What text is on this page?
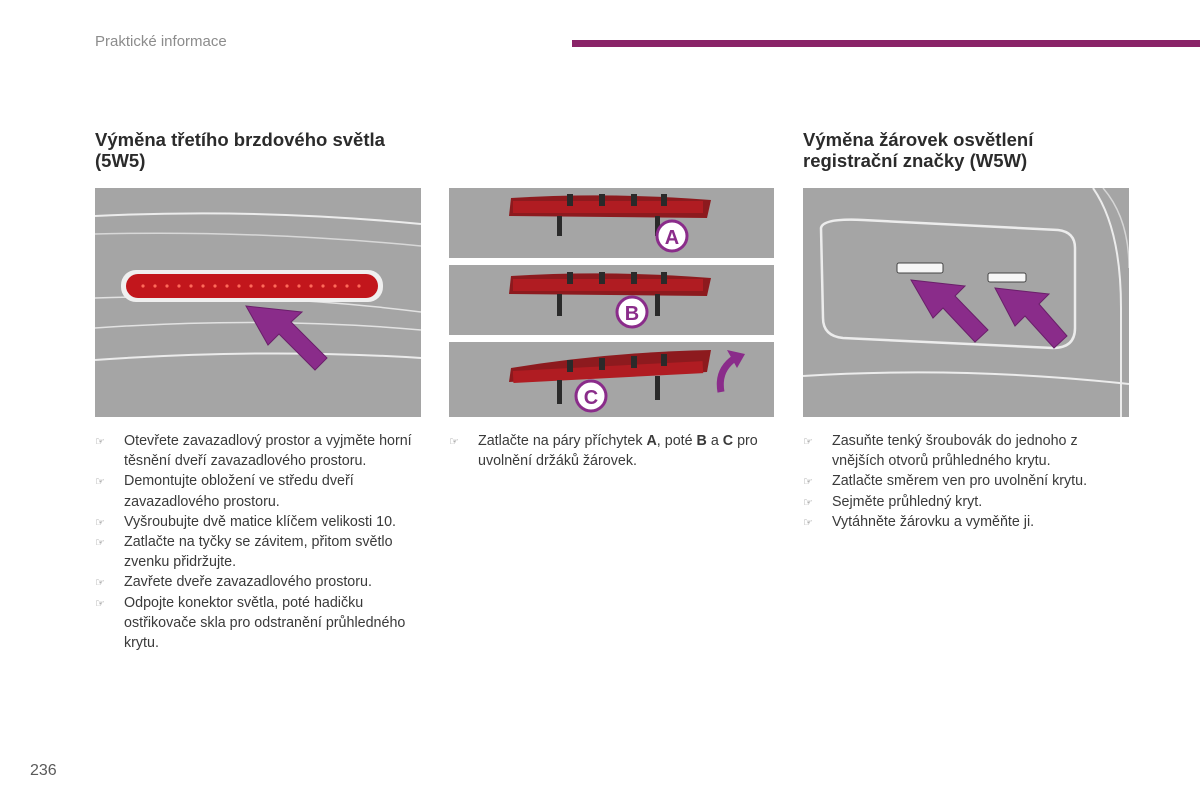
Praktické informace
Výměna třetího brzdového světla
(5W5)
Výměna žárovek osvětlení
registrační značky (W5W)
A
B
C
☞ Otevřete zavazadlový prostor a vyjměte horní těsnění dveří zavazadlového prostoru.
☞ Demontujte obložení ve středu dveří zavazadlového prostoru.
☞ Vyšroubujte dvě matice klíčem velikosti 10.
☞ Zatlačte na tyčky se závitem, přitom světlo zvenku přidržujte.
☞ Zavřete dveře zavazadlového prostoru.
☞ Odpojte konektor světla, poté hadičku ostřikovače skla pro odstranění průhledného krytu.
☞ Zatlačte na páry příchytek A, poté B a C pro uvolnění držáků žárovek.
☞ Zasuňte tenký šroubovák do jednoho z vnějších otvorů průhledného krytu.
☞ Zatlačte směrem ven pro uvolnění krytu.
☞ Sejměte průhledný kryt.
☞ Vytáhněte žárovku a vyměňte ji.
236
